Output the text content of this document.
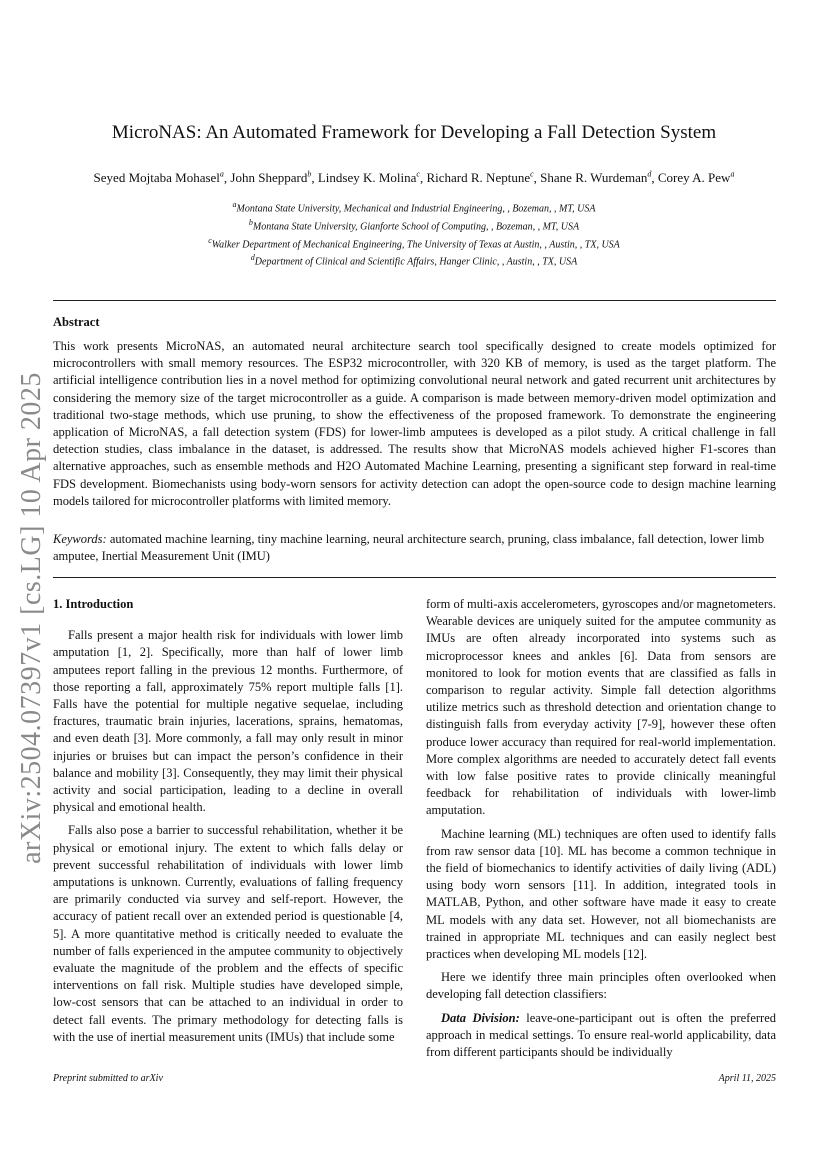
arXiv:2504.07397v1 [cs.LG] 10 Apr 2025
MicroNAS: An Automated Framework for Developing a Fall Detection System
Seyed Mojtaba Mohasel$^a$, John Sheppard$^b$, Lindsey K. Molina$^c$, Richard R. Neptune$^c$, Shane R. Wurdeman$^d$, Corey A. Pew$^a$
$^a$Montana State University, Mechanical and Industrial Engineering, , Bozeman, , MT, USA
$^b$Montana State University, Gianforte School of Computing, , Bozeman, , MT, USA
$^c$Walker Department of Mechanical Engineering, The University of Texas at Austin, , Austin, , TX, USA
$^d$Department of Clinical and Scientific Affairs, Hanger Clinic, , Austin, , TX, USA
Abstract

This work presents MicroNAS, an automated neural architecture search tool specifically designed to create models optimized for microcontrollers with small memory resources. The ESP32 microcontroller, with 320 KB of memory, is used as the target platform. The artificial intelligence contribution lies in a novel method for optimizing convolutional neural network and gated recurrent unit architectures by considering the memory size of the target microcontroller as a guide. A comparison is made between memory-driven model optimization and traditional two-stage methods, which use pruning, to show the effectiveness of the proposed framework. To demonstrate the engineering application of MicroNAS, a fall detection system (FDS) for lower-limb amputees is developed as a pilot study. A critical challenge in fall detection studies, class imbalance in the dataset, is addressed. The results show that MicroNAS models achieved higher F1-scores than alternative approaches, such as ensemble methods and H2O Automated Machine Learning, presenting a significant step forward in real-time FDS development. Biomechanists using body-worn sensors for activity detection can adopt the open-source code to design machine learning models tailored for microcontroller platforms with limited memory.

Keywords: automated machine learning, tiny machine learning, neural architecture search, pruning, class imbalance, fall detection, lower limb amputee, Inertial Measurement Unit (IMU)

1. Introduction

Falls present a major health risk for individuals with lower limb amputation [1, 2]. Specifically, more than half of lower limb amputees report falling in the previous 12 months. Furthermore, of those reporting a fall, approximately 75% report multiple falls [1]. Falls have the potential for multiple negative sequelae, including fractures, traumatic brain injuries, lacerations, sprains, hematomas, and even death [3]. More commonly, a fall may only result in minor injuries or bruises but can impact the person’s confidence in their balance and mobility [3]. Consequently, they may limit their physical activity and social participation, leading to a decline in overall physical and emotional health.

Falls also pose a barrier to successful rehabilitation, whether it be physical or emotional injury. The extent to which falls delay or prevent successful rehabilitation of individuals with lower limb amputations is unknown. Currently, evaluations of falling frequency are primarily conducted via survey and self-report. However, the accuracy of patient recall over an extended period is questionable [4, 5]. A more quantitative method is critically needed to evaluate the number of falls experienced in the amputee community to objectively evaluate the magnitude of the problem and the effects of specific interventions on fall risk. Multiple studies have developed simple, low-cost sensors that can be attached to an individual in order to detect fall events. The primary methodology for detecting falls is with the use of inertial measurement units (IMUs) that include some

form of multi-axis accelerometers, gyroscopes and/or magnetometers. Wearable devices are uniquely suited for the amputee community as IMUs are often already incorporated into systems such as microprocessor knees and ankles [6]. Data from sensors are monitored to look for motion events that are classified as falls in comparison to regular activity. Simple fall detection algorithms utilize metrics such as threshold detection and orientation change to distinguish falls from everyday activity [7-9], however these often produce lower accuracy than required for real-world implementation. More complex algorithms are needed to accurately detect fall events with low false positive rates to provide clinically meaningful feedback for rehabilitation of individuals with lower-limb amputation.

Machine learning (ML) techniques are often used to identify falls from raw sensor data [10]. ML has become a common technique in the field of biomechanics to identify activities of daily living (ADL) using body worn sensors [11]. In addition, integrated tools in MATLAB, Python, and other software have made it easy to create ML models with any data set. However, not all biomechanists are trained in appropriate ML techniques and can easily neglect best practices when developing ML models [12].

Here we identify three main principles often overlooked when developing fall detection classifiers:

Data Division: leave-one-participant out is often the preferred approach in medical settings. To ensure real-world applicability, data from different participants should be individually

Preprint submitted to arXiv	April 11, 2025
